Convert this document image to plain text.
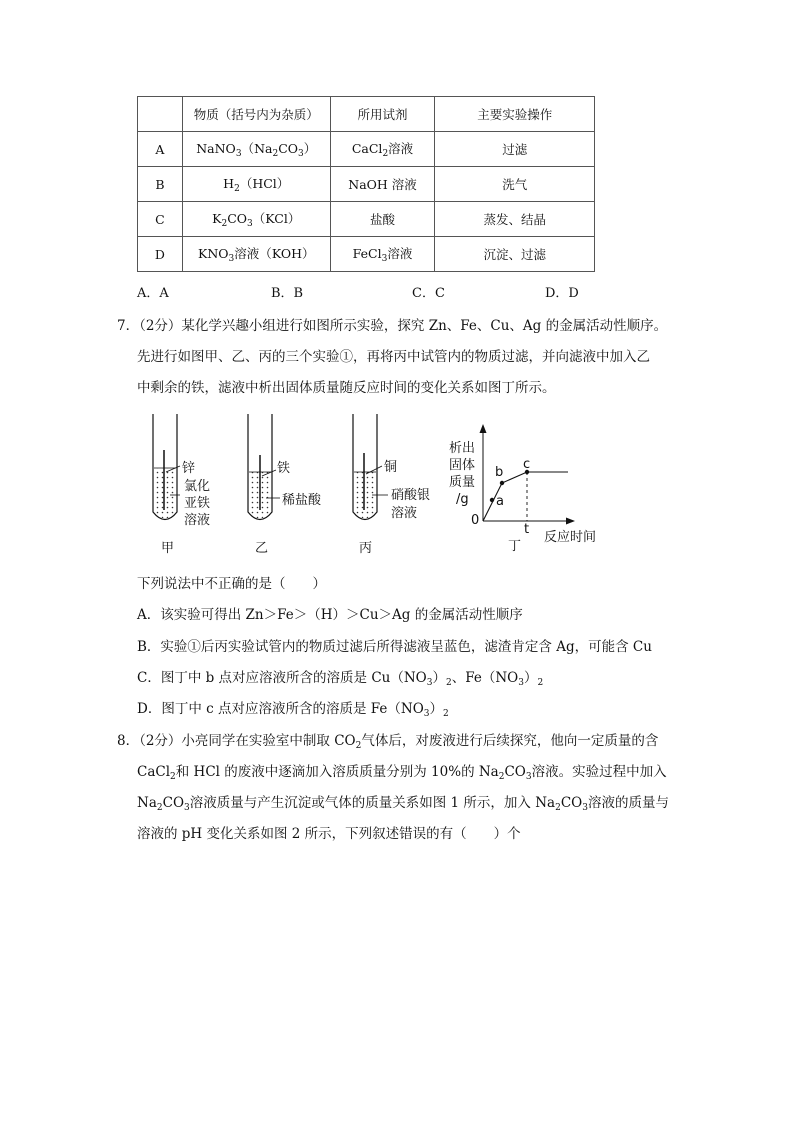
	物质（括号内为杂质）	所用试剂	主要实验操作
A	$NaNO_3(Na_2CO_3)$	CaCl$_2$溶液	过滤
B	$H_2(HCl)$	NaOH 溶液	洗气
C	$K_2CO_3(KCl)$	盐酸	蒸发、结晶
D	$KNO_3$溶液（KOH）	FeCl$_3$溶液	沉淀、过滤
A．A	B．B	C．C	D．D
7．（2分）某化学兴趣小组进行如图所示实验，探究 Zn、Fe、Cu、Ag 的金属活动性顺序。
先进行如图甲、乙、丙的三个实验①，再将丙中试管内的物质过滤，并向滤液中加入乙
中剩余的铁，滤液中析出固体质量随反应时间的变化关系如图丁所示。
锌
氯化
亚铁
溶液
甲
铁
稀盐酸
乙
铜
硝酸银
溶液
丙
析出
固体
质量
/g
0
a
b
c
t
反应时间
丁
下列说法中不正确的是（　　）
A．该实验可得出 Zn＞Fe＞（H）＞Cu＞Ag 的金属活动性顺序
B．实验①后丙实验试管内的物质过滤后所得滤液呈蓝色，滤渣肯定含 Ag，可能含 Cu
C．图丁中 b 点对应溶液所含的溶质是 $Cu(NO_3)_2$、$Fe(NO_3)_2$
D．图丁中 c 点对应溶液所含的溶质是 $Fe(NO_3)_2$
8．（2分）小亮同学在实验室中制取 $CO_2$气体后，对废液进行后续探究，他向一定质量的含
CaCl$_2$和 HCl 的废液中逐滴加入溶质质量分别为 10%的 $Na_2CO_3$溶液。实验过程中加入
$Na_2CO_3$溶液质量与产生沉淀或气体的质量关系如图 1 所示，加入 $Na_2CO_3$溶液的质量与
溶液的 pH 变化关系如图 2 所示，下列叙述错误的有（　　）个
